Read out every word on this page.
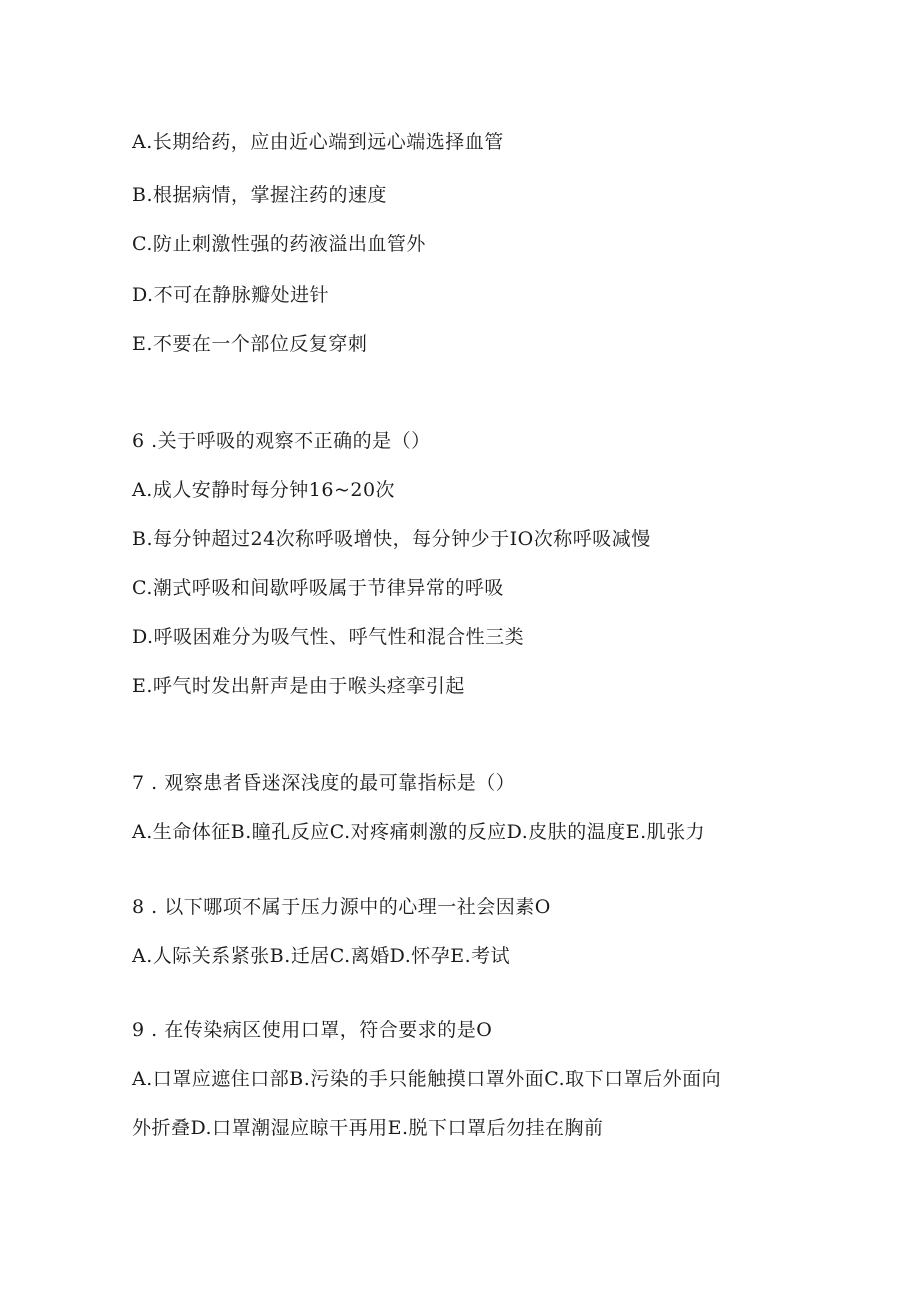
A.长期给药，应由近心端到远心端选择血管
B.根据病情，掌握注药的速度
C.防止刺激性强的药液溢出血管外
D.不可在静脉瓣处进针
E.不要在一个部位反复穿刺
6 .关于呼吸的观察不正确的是（）
A.成人安静时每分钟16~20次
B.每分钟超过24次称呼吸增快，每分钟少于IO次称呼吸减慢
C.潮式呼吸和间歇呼吸属于节律异常的呼吸
D.呼吸困难分为吸气性、呼气性和混合性三类
E.呼气时发出鼾声是由于喉头痉挛引起
7 . 观察患者昏迷深浅度的最可靠指标是（）
A.生命体征B.瞳孔反应C.对疼痛刺激的反应D.皮肤的温度E.肌张力
8 . 以下哪项不属于压力源中的心理一社会因素O
A.人际关系紧张B.迁居C.离婚D.怀孕E.考试
9 . 在传染病区使用口罩，符合要求的是O
A.口罩应遮住口部B.污染的手只能触摸口罩外面C.取下口罩后外面向
外折叠D.口罩潮湿应晾干再用E.脱下口罩后勿挂在胸前
